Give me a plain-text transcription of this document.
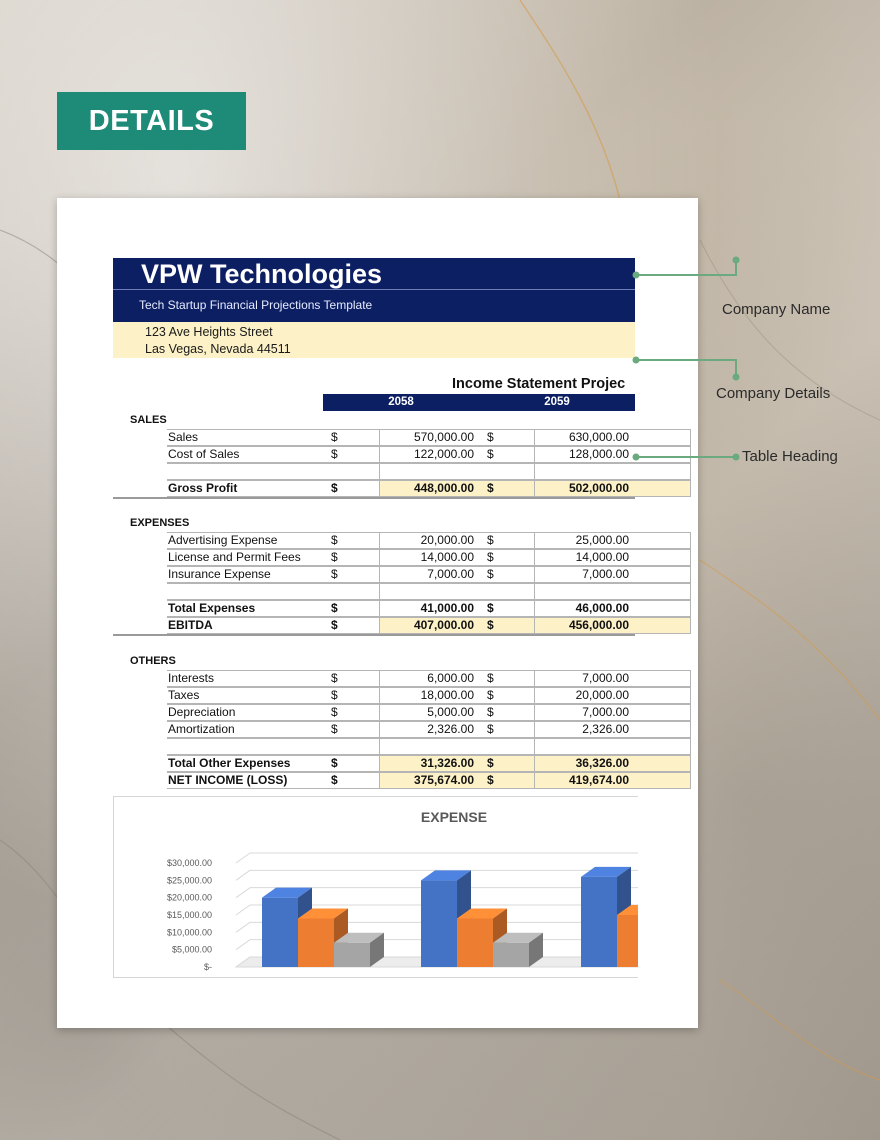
DETAILS
VPW Technologies
Tech Startup Financial Projections Template
123 Ave Heights Street
Las Vegas, Nevada 44511
Income Statement Projec
2058	2059
SALES
Sales	$	570,000.00 $	630,000.00
Cost of Sales	$	122,000.00 $	128,000.00
Gross Profit	$	448,000.00 $	502,000.00
EXPENSES
Advertising Expense	$	20,000.00 $	25,000.00
License and Permit Fees	$	14,000.00 $	14,000.00
Insurance Expense	$	7,000.00 $	7,000.00
Total Expenses	$	41,000.00 $	46,000.00
EBITDA	$	407,000.00 $	456,000.00
OTHERS
Interests	$	6,000.00 $	7,000.00
Taxes	$	18,000.00 $	20,000.00
Depreciation	$	5,000.00 $	7,000.00
Amortization	$	2,326.00 $	2,326.00
Total Other Expenses	$	31,326.00 $	36,326.00
NET INCOME (LOSS)	$	375,674.00 $	419,674.00
EXPENSE
$30,000.00
$25,000.00
$20,000.00
$15,000.00
$10,000.00
$5,000.00
$-
Company Name
Company Details
Table Heading
